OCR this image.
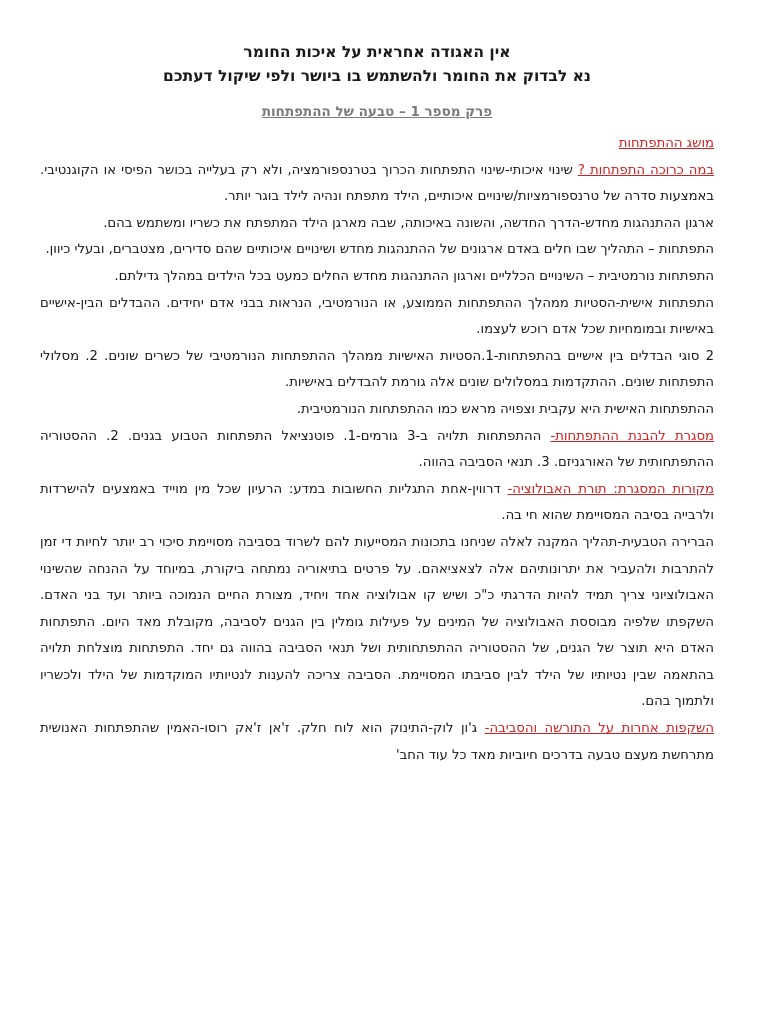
אין האגודה אחראית על איכות החומר
נא לבדוק את החומר ולהשתמש בו ביושר ולפי שיקול דעתכם
פרק מספר 1 – טבעה של ההתפתחות

מושג ההתפתחות

במה כרוכה התפתחות ? שינוי איכותי-שינוי התפתחות הכרוך בטרנספורמציה, ולא רק בעלייה בכושר הפיסי או הקוגנטיבי. באמצעות סדרה של טרנספורמציות/שינויים איכותיים, הילד מתפתח ונהיה לילד בוגר יותר.

ארגון ההתנהגות מחדש-הדרך החדשה, והשונה באיכותה, שבה מארגן הילד המתפתח את כשריו ומשתמש בהם.

התפתחות – התהליך שבו חלים באדם ארגונים של ההתנהגות מחדש ושינויים איכותיים שהם סדירים, מצטברים, ובעלי כיוון.

התפתחות נורמטיבית – השינויים הכלליים וארגון ההתנהגות מחדש החלים כמעט בכל הילדים במהלך גדילתם.

התפתחות אישית-הסטיות ממהלך ההתפתחות הממוצע, או הנורמטיבי, הנראות בבני אדם יחידים. ההבדלים הבין-אישיים באישיות ובמומחיות שכל אדם רוכש לעצמו.

2 סוגי הבדלים בין אישיים בהתפתחות-1.הסטיות האישיות ממהלך ההתפתחות הנורמטיבי של כשרים שונים. 2. מסלולי התפתחות שונים. ההתקדמות במסלולים שונים אלה גורמת להבדלים באישיות.

ההתפתחות האישית היא עקבית וצפויה מראש כמו ההתפתחות הנורמטיבית.

מסגרת להבנת ההתפתחות- ההתפתחות תלויה ב-3 גורמים-1. פוטנציאל התפתחות הטבוע בגנים. 2. ההסטוריה ההתפתחותית של האורגניזם. 3. תנאי הסביבה בהווה.

מקורות המסגרת: תורת האבולוציה- דרווין-אחת התגליות החשובות במדע: הרעיון שכל מין מוייד באמצעים להישרדות ולרבייה בסיבה המסויימת שהוא חי בה.

הברירה הטבעית-תהליך המקנה לאלה שניחנו בתכונות המסייעות להם לשרוד בסביבה מסויימת סיכוי רב יותר לחיות די זמן להתרבות ולהעביר את יתרונותיהם אלה לצאציאהם. על פרטים בתיאוריה נמתחה ביקורת, במיוחד על ההנחה שהשינוי האבולוציוני צריך תמיד להיות הדרגתי כ"כ ושיש קו אבולוציה אחד ויחיד, מצורת החיים הנמוכה ביותר ועד בני האדם. השקפתו שלפיה מבוססת האבולוציה של המינים על פעילות גומלין בין הגנים לסביבה, מקובלת מאד היום. התפתחות האדם היא תוצר של הגנים, של ההסטוריה ההתפתחותית ושל תנאי הסביבה בהווה גם יחד. התפתחות מוצלחת תלויה בהתאמה שבין נטיותיו של הילד לבין סביבתו המסויימת. הסביבה צריכה להענות לנטיותיו המוקדמות של הילד ולכשריו ולתמוך בהם.

השקפות אחרות על התורשה והסביבה- ג'ון לוק-התינוק הוא לוח חלק. ז'אן ז'אק רוסו-האמין שהתפתחות האנושית מתרחשת מעצם טבעה בדרכים חיוביות מאד כל עוד החב'
